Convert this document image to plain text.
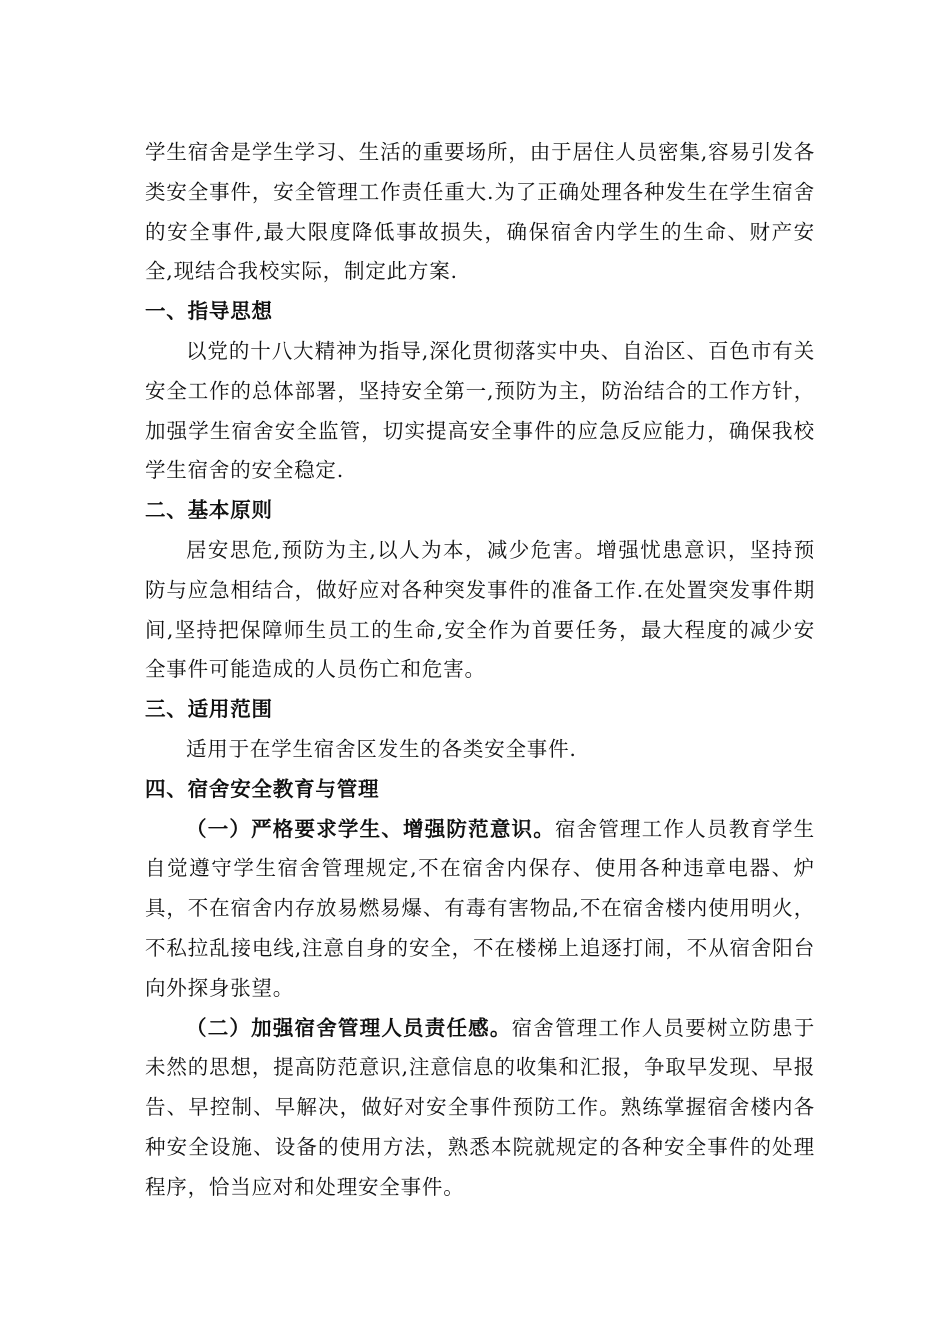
学生宿舍是学生学习、生活的重要场所，由于居住人员密集,容易引发各类安全事件，安全管理工作责任重大.为了正确处理各种发生在学生宿舍的安全事件,最大限度降低事故损失，确保宿舍内学生的生命、财产安全,现结合我校实际，制定此方案.

一、指导思想

以党的十八大精神为指导,深化贯彻落实中央、自治区、百色市有关安全工作的总体部署，坚持安全第一,预防为主，防治结合的工作方针，加强学生宿舍安全监管，切实提高安全事件的应急反应能力，确保我校学生宿舍的安全稳定.

二、基本原则

居安思危,预防为主,以人为本，减少危害。增强忧患意识，坚持预防与应急相结合，做好应对各种突发事件的准备工作.在处置突发事件期间,坚持把保障师生员工的生命,安全作为首要任务，最大程度的减少安全事件可能造成的人员伤亡和危害。

三、适用范围

适用于在学生宿舍区发生的各类安全事件.

四、宿舍安全教育与管理

（一）严格要求学生、增强防范意识。宿舍管理工作人员教育学生自觉遵守学生宿舍管理规定,不在宿舍内保存、使用各种违章电器、炉具，不在宿舍内存放易燃易爆、有毒有害物品,不在宿舍楼内使用明火，不私拉乱接电线,注意自身的安全，不在楼梯上追逐打闹，不从宿舍阳台向外探身张望。

（二）加强宿舍管理人员责任感。宿舍管理工作人员要树立防患于未然的思想，提高防范意识,注意信息的收集和汇报，争取早发现、早报告、早控制、早解决，做好对安全事件预防工作。熟练掌握宿舍楼内各种安全设施、设备的使用方法，熟悉本院就规定的各种安全事件的处理程序，恰当应对和处理安全事件。
